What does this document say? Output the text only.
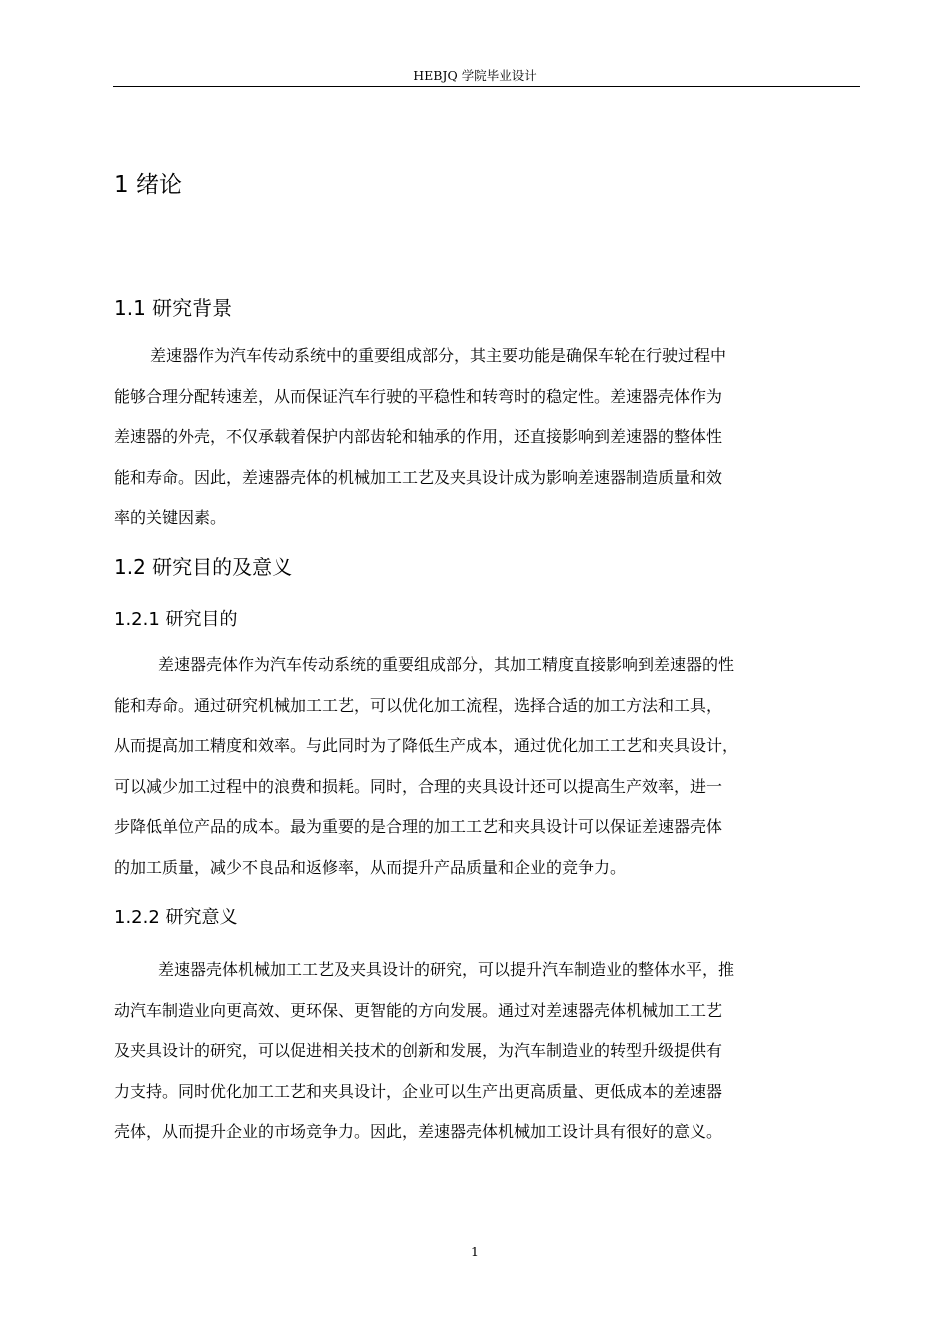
HEBJQ 学院毕业设计
1 绪论
1.1 研究背景
差速器作为汽车传动系统中的重要组成部分，其主要功能是确保车轮在行驶过程中
能够合理分配转速差，从而保证汽车行驶的平稳性和转弯时的稳定性。差速器壳体作为
差速器的外壳，不仅承载着保护内部齿轮和轴承的作用，还直接影响到差速器的整体性
能和寿命。因此，差速器壳体的机械加工工艺及夹具设计成为影响差速器制造质量和效
率的关键因素。
1.2 研究目的及意义
1.2.1 研究目的
差速器壳体作为汽车传动系统的重要组成部分，其加工精度直接影响到差速器的性
能和寿命。通过研究机械加工工艺，可以优化加工流程，选择合适的加工方法和工具，
从而提高加工精度和效率。与此同时为了降低生产成本，通过优化加工工艺和夹具设计，
可以减少加工过程中的浪费和损耗。同时，合理的夹具设计还可以提高生产效率，进一
步降低单位产品的成本。最为重要的是合理的加工工艺和夹具设计可以保证差速器壳体
的加工质量，减少不良品和返修率，从而提升产品质量和企业的竞争力。
1.2.2 研究意义
差速器壳体机械加工工艺及夹具设计的研究，可以提升汽车制造业的整体水平，推
动汽车制造业向更高效、更环保、更智能的方向发展。通过对差速器壳体机械加工工艺
及夹具设计的研究，可以促进相关技术的创新和发展，为汽车制造业的转型升级提供有
力支持。同时优化加工工艺和夹具设计，企业可以生产出更高质量、更低成本的差速器
壳体，从而提升企业的市场竞争力。因此，差速器壳体机械加工设计具有很好的意义。
1
